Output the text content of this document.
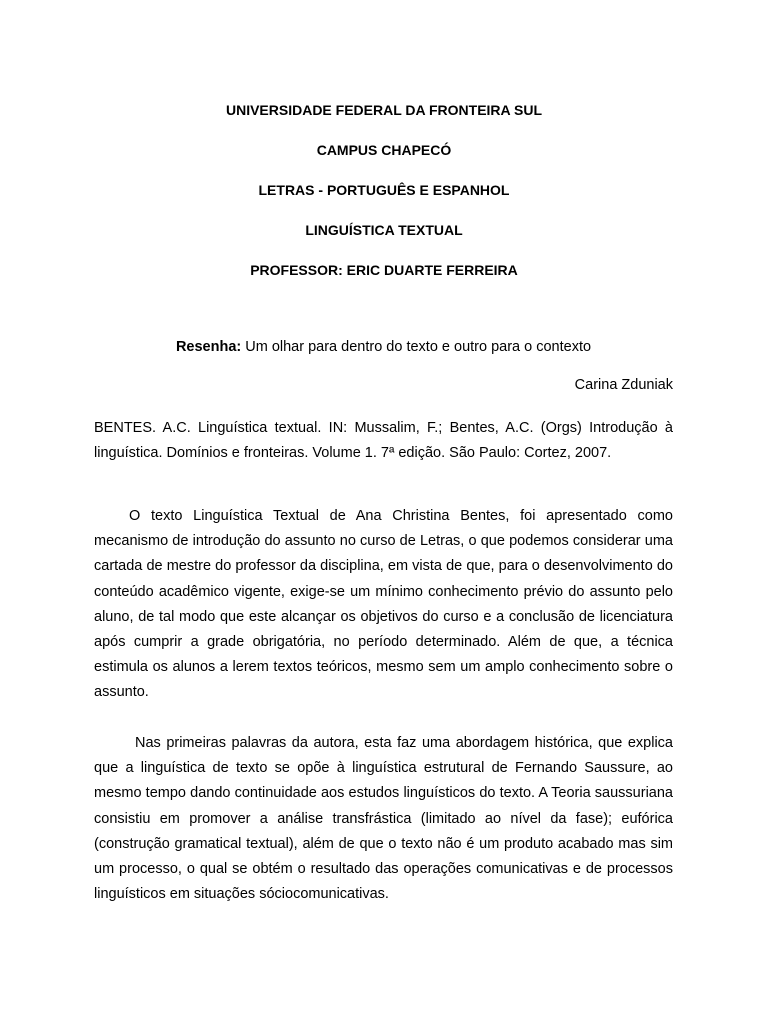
UNIVERSIDADE FEDERAL DA FRONTEIRA SUL

CAMPUS CHAPECÓ

LETRAS - PORTUGUÊS E ESPANHOL

LINGUÍSTICA TEXTUAL

PROFESSOR: ERIC DUARTE FERREIRA

Resenha: Um olhar para dentro do texto e outro para o contexto

Carina Zduniak

BENTES. A.C. Linguística textual. IN: Mussalim, F.; Bentes, A.C. (Orgs) Introdução à linguística. Domínios e fronteiras. Volume 1. 7ª edição. São Paulo: Cortez, 2007.

O texto Linguística Textual de Ana Christina Bentes, foi apresentado como mecanismo de introdução do assunto no curso de Letras, o que podemos considerar uma cartada de mestre do professor da disciplina, em vista de que, para o desenvolvimento do conteúdo acadêmico vigente, exige-se um mínimo conhecimento prévio do assunto pelo aluno, de tal modo que este alcançar os objetivos do curso e a conclusão de licenciatura após cumprir a grade obrigatória, no período determinado. Além de que, a técnica estimula os alunos a lerem textos teóricos, mesmo sem um amplo conhecimento sobre o assunto.

Nas primeiras palavras da autora, esta faz uma abordagem histórica, que explica que a linguística de texto se opõe à linguística estrutural de Fernando Saussure, ao mesmo tempo dando continuidade aos estudos linguísticos do texto. A Teoria saussuriana consistiu em promover a análise transfrástica (limitado ao nível da fase); eufórica (construção gramatical textual), além de que o texto não é um produto acabado mas sim um processo, o qual se obtém o resultado das operações comunicativas e de processos linguísticos em situações sóciocomunicativas.
